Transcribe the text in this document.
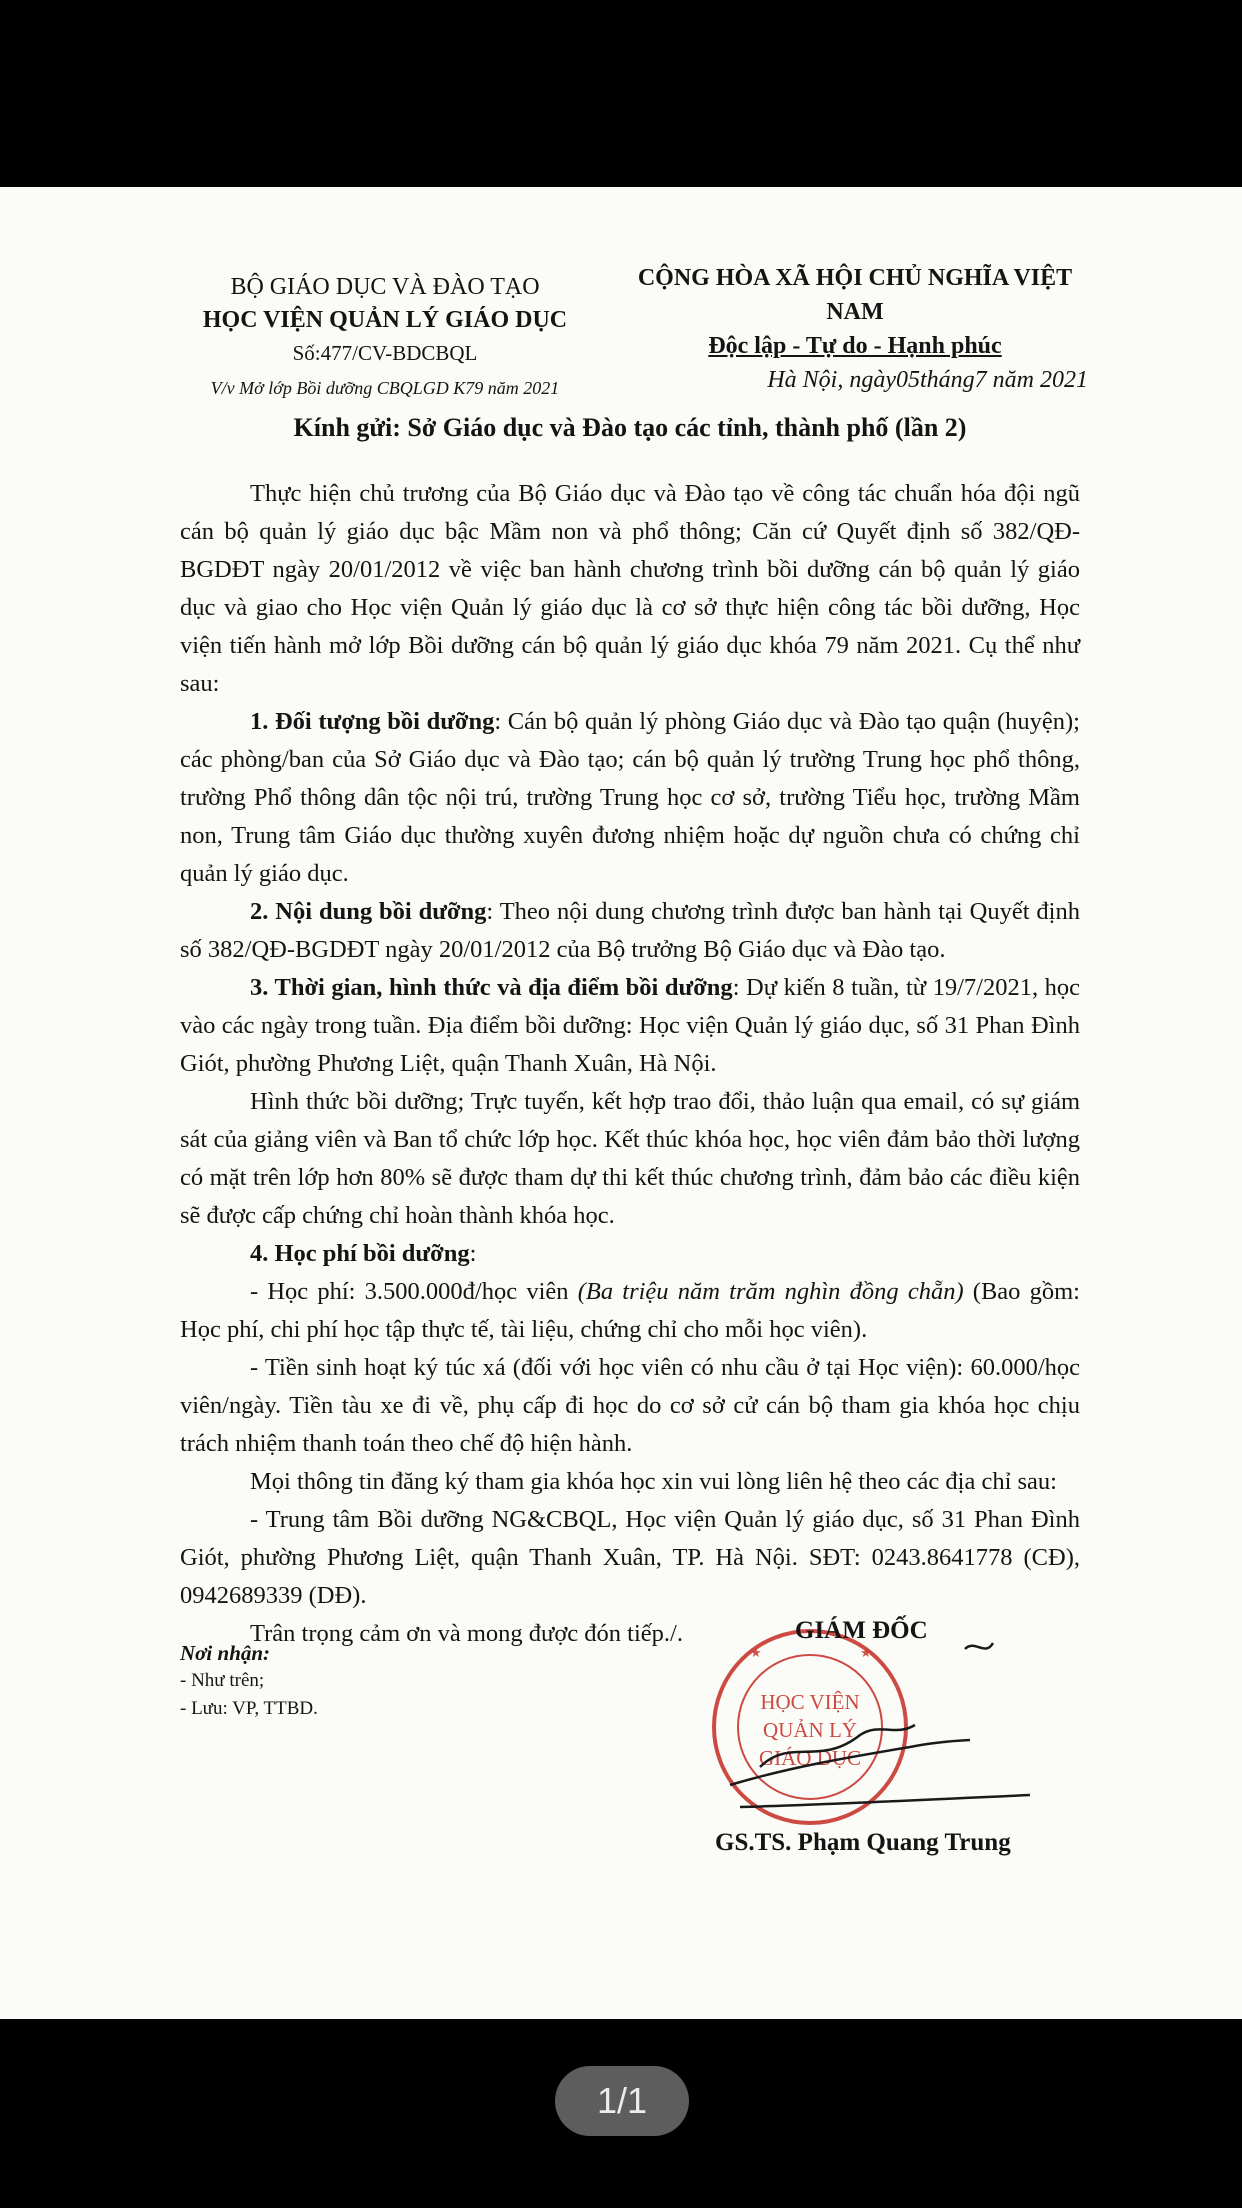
BỘ GIÁO DỤC VÀ ĐÀO TẠO
HỌC VIỆN QUẢN LÝ GIÁO DỤC
Số:477/CV-BDCBQL
V/v Mở lớp Bồi dưỡng CBQLGD K79 năm 2021
CỘNG HÒA XÃ HỘI CHỦ NGHĨA VIỆT NAM
Độc lập - Tự do - Hạnh phúc
Hà Nội, ngày05tháng7 năm 2021
Kính gửi: Sở Giáo dục và Đào tạo các tỉnh, thành phố (lần 2)

Thực hiện chủ trương của Bộ Giáo dục và Đào tạo về công tác chuẩn hóa đội ngũ cán bộ quản lý giáo dục bậc Mầm non và phổ thông; Căn cứ Quyết định số 382/QĐ-BGDĐT ngày 20/01/2012 về việc ban hành chương trình bồi dưỡng cán bộ quản lý giáo dục và giao cho Học viện Quản lý giáo dục là cơ sở thực hiện công tác bồi dưỡng, Học viện tiến hành mở lớp Bồi dưỡng cán bộ quản lý giáo dục khóa 79 năm 2021. Cụ thể như sau:

1. Đối tượng bồi dưỡng: Cán bộ quản lý phòng Giáo dục và Đào tạo quận (huyện); các phòng/ban của Sở Giáo dục và Đào tạo; cán bộ quản lý trường Trung học phổ thông, trường Phổ thông dân tộc nội trú, trường Trung học cơ sở, trường Tiểu học, trường Mầm non, Trung tâm Giáo dục thường xuyên đương nhiệm hoặc dự nguồn chưa có chứng chỉ quản lý giáo dục.

2. Nội dung bồi dưỡng: Theo nội dung chương trình được ban hành tại Quyết định số 382/QĐ-BGDĐT ngày 20/01/2012 của Bộ trưởng Bộ Giáo dục và Đào tạo.

3. Thời gian, hình thức và địa điểm bồi dưỡng: Dự kiến 8 tuần, từ 19/7/2021, học vào các ngày trong tuần. Địa điểm bồi dưỡng: Học viện Quản lý giáo dục, số 31 Phan Đình Giót, phường Phương Liệt, quận Thanh Xuân, Hà Nội.

Hình thức bồi dưỡng; Trực tuyến, kết hợp trao đổi, thảo luận qua email, có sự giám sát của giảng viên và Ban tổ chức lớp học. Kết thúc khóa học, học viên đảm bảo thời lượng có mặt trên lớp hơn 80% sẽ được tham dự thi kết thúc chương trình, đảm bảo các điều kiện sẽ được cấp chứng chỉ hoàn thành khóa học.

4. Học phí bồi dưỡng:

- Học phí: 3.500.000đ/học viên (Ba triệu năm trăm nghìn đồng chẵn) (Bao gồm: Học phí, chi phí học tập thực tế, tài liệu, chứng chỉ cho mỗi học viên).

- Tiền sinh hoạt ký túc xá (đối với học viên có nhu cầu ở tại Học viện): 60.000/học viên/ngày. Tiền tàu xe đi về, phụ cấp đi học do cơ sở cử cán bộ tham gia khóa học chịu trách nhiệm thanh toán theo chế độ hiện hành.

Mọi thông tin đăng ký tham gia khóa học xin vui lòng liên hệ theo các địa chỉ sau:

- Trung tâm Bồi dưỡng NG&CBQL, Học viện Quản lý giáo dục, số 31 Phan Đình Giót, phường Phương Liệt, quận Thanh Xuân, TP. Hà Nội. SĐT: 0243.8641778 (CĐ), 0942689339 (DĐ).

Trân trọng cảm ơn và mong được đón tiếp./.

Nơi nhận:
- Như trên;
- Lưu: VP, TTBD.	HỌC VIỆN
QUẢN LÝ
GIÁO DỤC
★	★
GIÁM ĐỐC
GS.TS. Phạm Quang Trung
1/1
